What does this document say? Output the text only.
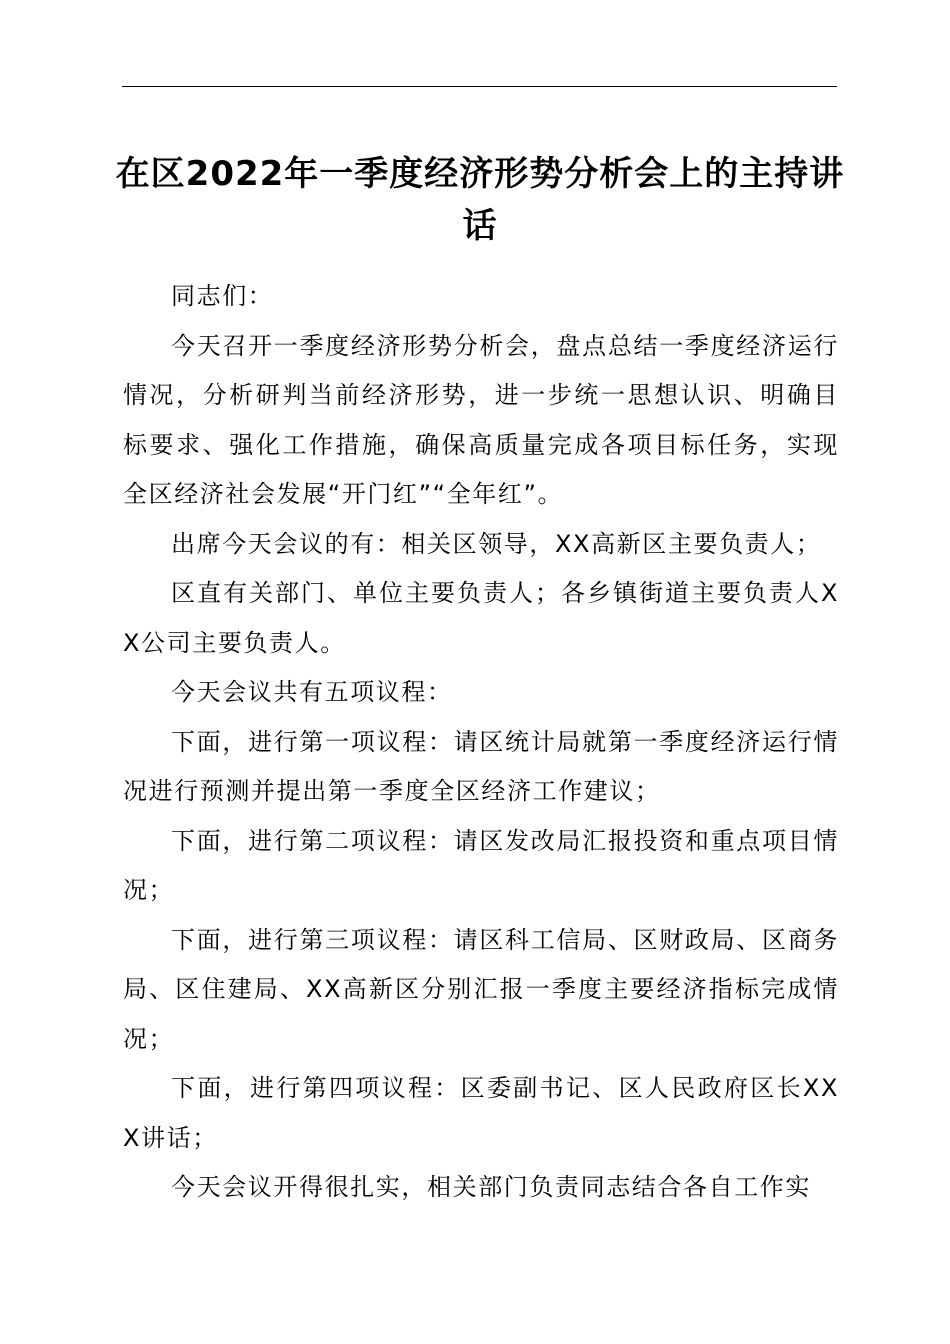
在区2022年一季度经济形势分析会上的主持讲话

同志们：

今天召开一季度经济形势分析会，盘点总结一季度经济运行情况，分析研判当前经济形势，进一步统一思想认识、明确目标要求、强化工作措施，确保高质量完成各项目标任务，实现全区经济社会发展“开门红”“全年红”。

出席今天会议的有：相关区领导，XX高新区主要负责人；

区直有关部门、单位主要负责人；各乡镇街道主要负责人XX公司主要负责人。

今天会议共有五项议程：

下面，进行第一项议程：请区统计局就第一季度经济运行情况进行预测并提出第一季度全区经济工作建议；

下面，进行第二项议程：请区发改局汇报投资和重点项目情况；

下面，进行第三项议程：请区科工信局、区财政局、区商务局、区住建局、XX高新区分别汇报一季度主要经济指标完成情况；

下面，进行第四项议程：区委副书记、区人民政府区长XXX讲话；

今天会议开得很扎实，相关部门负责同志结合各自工作实
